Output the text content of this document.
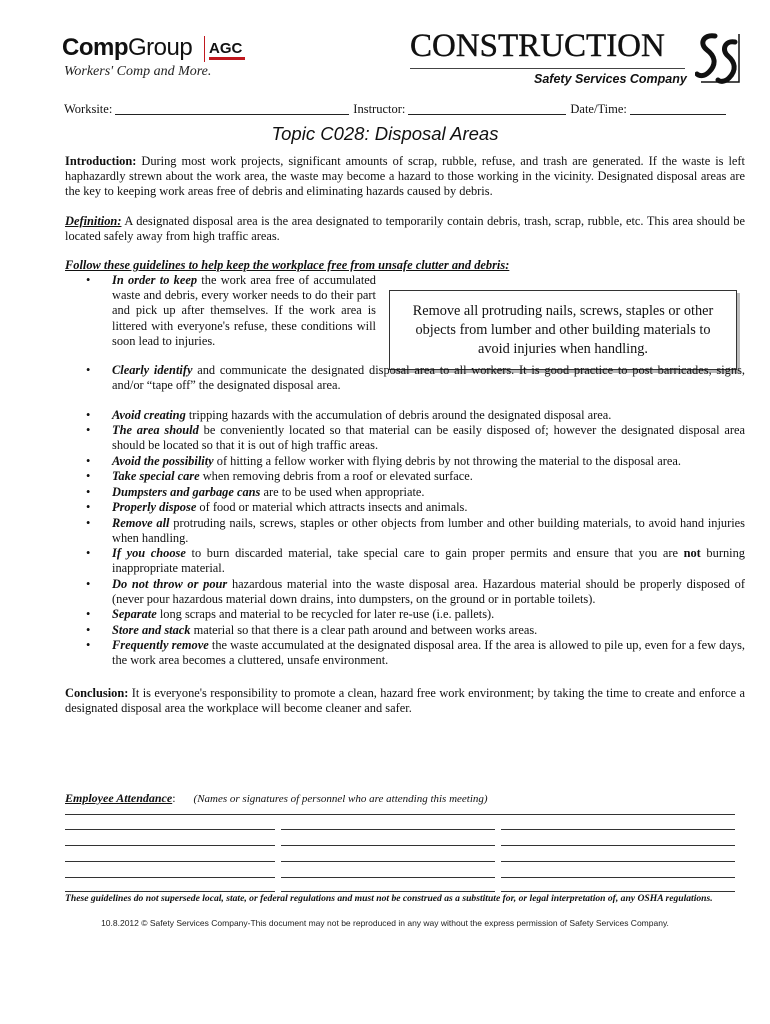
CompGroup AGC
Workers' Comp and More.
CONSTRUCTION
Safety Services Company
Worksite:	Instructor:	Date/Time:
Topic C028: Disposal Areas
Introduction: During most work projects, significant amounts of scrap, rubble, refuse, and trash are generated. If the waste is left haphazardly strewn about the work area, the waste may become a hazard to those working in the vicinity. Designated disposal areas are the key to keeping work areas free of debris and eliminating hazards caused by debris.
Definition: A designated disposal area is the area designated to temporarily contain debris, trash, scrap, rubble, etc. This area should be located safely away from high traffic areas.
Follow these guidelines to help keep the workplace free from unsafe clutter and debris:
Remove all protruding nails, screws, staples or other objects from lumber and other building materials to avoid injuries when handling.
• In order to keep the work area free of accumulated waste and debris, every worker needs to do their part and pick up after themselves. If the work area is littered with everyone's refuse, these conditions will soon lead to injuries.
• Clearly identify and communicate the designated disposal area to all workers. It is good practice to post barricades, signs, and/or “tape off” the designated disposal area.
• Avoid creating tripping hazards with the accumulation of debris around the designated disposal area.
• The area should be conveniently located so that material can be easily disposed of; however the designated disposal area should be located so that it is out of high traffic areas.
• Avoid the possibility of hitting a fellow worker with flying debris by not throwing the material to the disposal area.
• Take special care when removing debris from a roof or elevated surface.
• Dumpsters and garbage cans are to be used when appropriate.
• Properly dispose of food or material which attracts insects and animals.
• Remove all protruding nails, screws, staples or other objects from lumber and other building materials, to avoid hand injuries when handling.
• If you choose to burn discarded material, take special care to gain proper permits and ensure that you are not burning inappropriate material.
• Do not throw or pour hazardous material into the waste disposal area. Hazardous material should be properly disposed of (never pour hazardous material down drains, into dumpsters, on the ground or in portable toilets).
• Separate long scraps and material to be recycled for later re-use (i.e. pallets).
• Store and stack material so that there is a clear path around and between works areas.
• Frequently remove the waste accumulated at the designated disposal area. If the area is allowed to pile up, even for a few days, the work area becomes a cluttered, unsafe environment.
Conclusion: It is everyone's responsibility to promote a clean, hazard free work environment; by taking the time to create and enforce a designated disposal area the workplace will become cleaner and safer.
Employee Attendance: (Names or signatures of personnel who are attending this meeting)
These guidelines do not supersede local, state, or federal regulations and must not be construed as a substitute for, or legal interpretation of, any OSHA regulations.
10.8.2012 © Safety Services Company-This document may not be reproduced in any way without the express permission of Safety Services Company.
